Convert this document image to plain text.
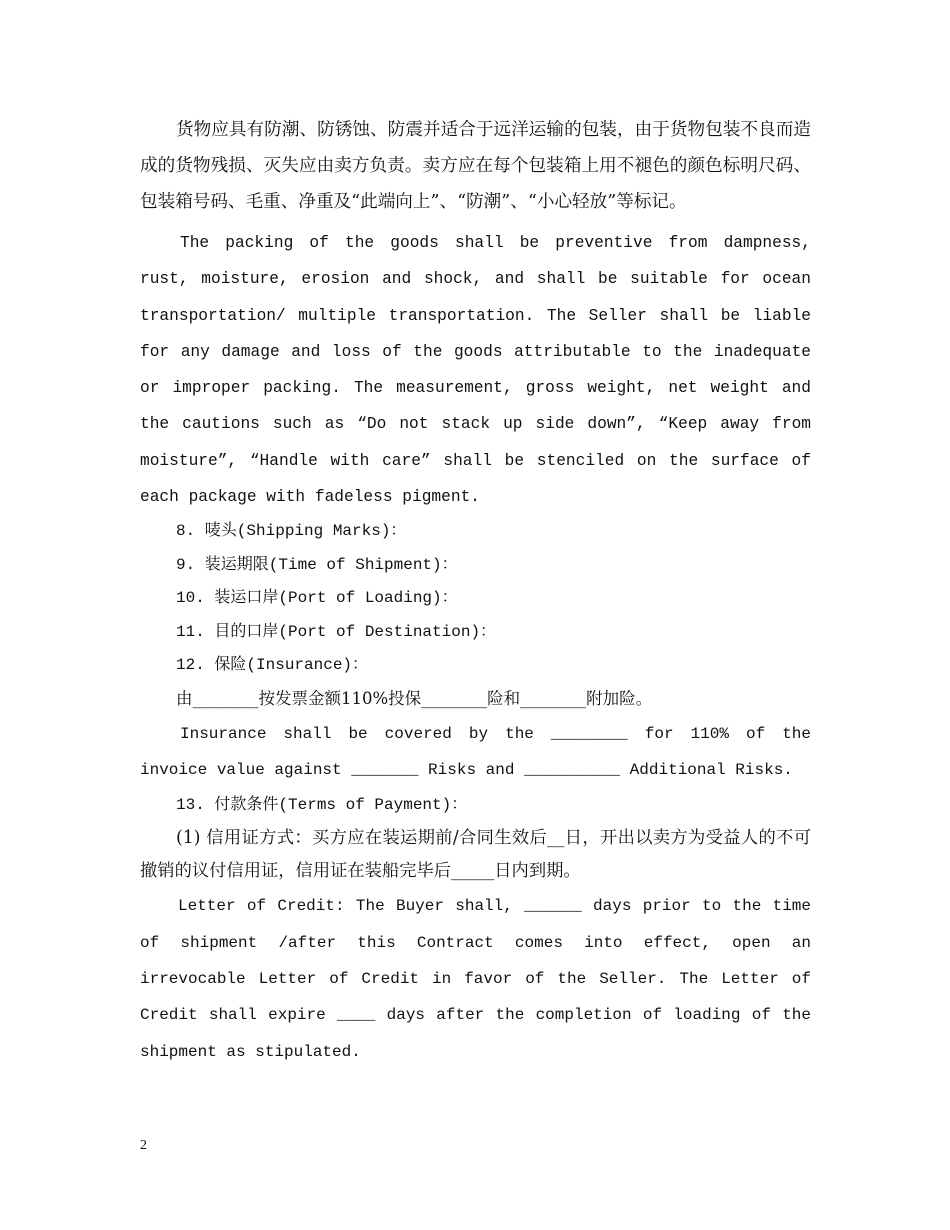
货物应具有防潮、防锈蚀、防震并适合于远洋运输的包装，由于货物包装不良而造成的货物残损、灭失应由卖方负责。卖方应在每个包装箱上用不褪色的颜色标明尺码、包装箱号码、毛重、净重及“此端向上”、“防潮”、“小心轻放”等标记。

The packing of the goods shall be preventive from dampness, rust, moisture, erosion and shock, and shall be suitable for ocean transportation/ multiple transportation. The Seller shall be liable for any damage and loss of the goods attributable to the inadequate or improper packing. The measurement, gross weight, net weight and the cautions such as “Do not stack up side down”, “Keep away from moisture”, “Handle with care” shall be stenciled on the surface of each package with fadeless pigment.

8. 唛头(Shipping Marks)：

9. 装运期限(Time of Shipment)：

10. 装运口岸(Port of Loading)：

11. 目的口岸(Port of Destination)：

12. 保险(Insurance)：

由________按发票金额110%投保________险和________附加险。

Insurance shall be covered by the ________ for 110% of the invoice value against _______ Risks and __________ Additional Risks.

13. 付款条件(Terms of Payment)：

(1) 信用证方式：买方应在装运期前/合同生效后__日，开出以卖方为受益人的不可撤销的议付信用证，信用证在装船完毕后_____日内到期。

Letter of Credit: The Buyer shall, ______ days prior to the time of shipment /after this Contract comes into effect, open an irrevocable Letter of Credit in favor of the Seller. The Letter of Credit shall expire ____ days after the completion of loading of the shipment as stipulated.

2
